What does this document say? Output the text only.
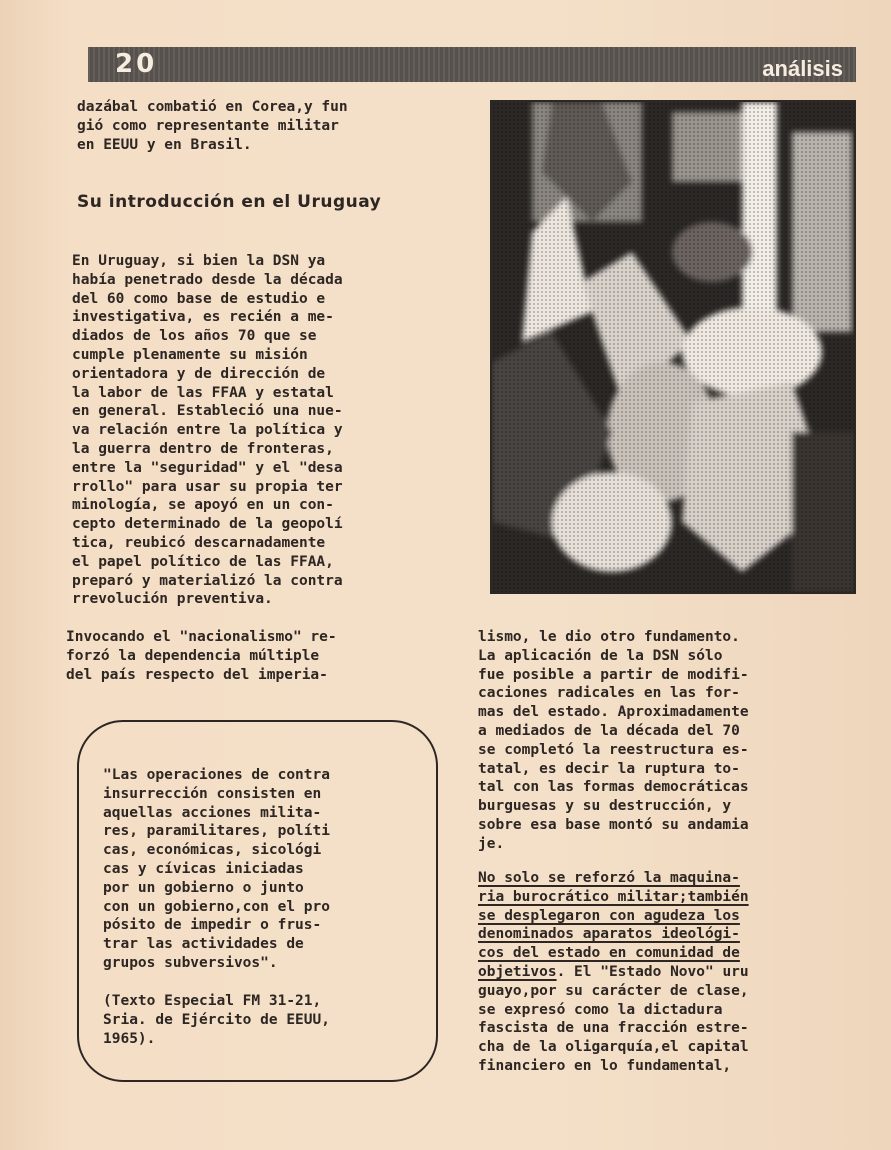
20	análisis
dazábal combatió en Corea,y fun
gió como representante militar
en EEUU y en Brasil.
Su introducción en el Uruguay
En Uruguay, si bien la DSN ya
había penetrado desde la década
del 60 como base de estudio e
investigativa, es recién a me-
diados de los años 70 que se
cumple plenamente su misión
orientadora y de dirección de
la labor de las FFAA y estatal
en general. Estableció una nue-
va relación entre la política y
la guerra dentro de fronteras,
entre la "seguridad" y el "desa
rrollo" para usar su propia ter
minología, se apoyó en un con-
cepto determinado de la geopolí
tica, reubicó descarnadamente
el papel político de las FFAA,
preparó y materializó la contra
rrevolución preventiva.
Invocando el "nacionalismo" re-
forzó la dependencia múltiple
del país respecto del imperia-
"Las operaciones de contra
insurrección consisten en
aquellas acciones milita-
res, paramilitares, políti
cas, económicas, sicológi
cas y cívicas iniciadas
por un gobierno o junto
con un gobierno,con el pro
pósito de impedir o frus-
trar las actividades de
grupos subversivos".
(Texto Especial FM 31-21,
Sria. de Ejército de EEUU,
1965).
lismo, le dio otro fundamento.
La aplicación de la DSN sólo
fue posible a partir de modifi-
caciones radicales en las for-
mas del estado. Aproximadamente
a mediados de la década del 70
se completó la reestructura es-
tatal, es decir la ruptura to-
tal con las formas democráticas
burguesas y su destrucción, y
sobre esa base montó su andamia
je.
No solo se reforzó la maquina-
ria burocrático militar;también
se desplegaron con agudeza los
denominados aparatos ideológi-
cos del estado en comunidad de
objetivos. El "Estado Novo" uru
guayo,por su carácter de clase,
se expresó como la dictadura
fascista de una fracción estre-
cha de la oligarquía,el capital
financiero en lo fundamental,
